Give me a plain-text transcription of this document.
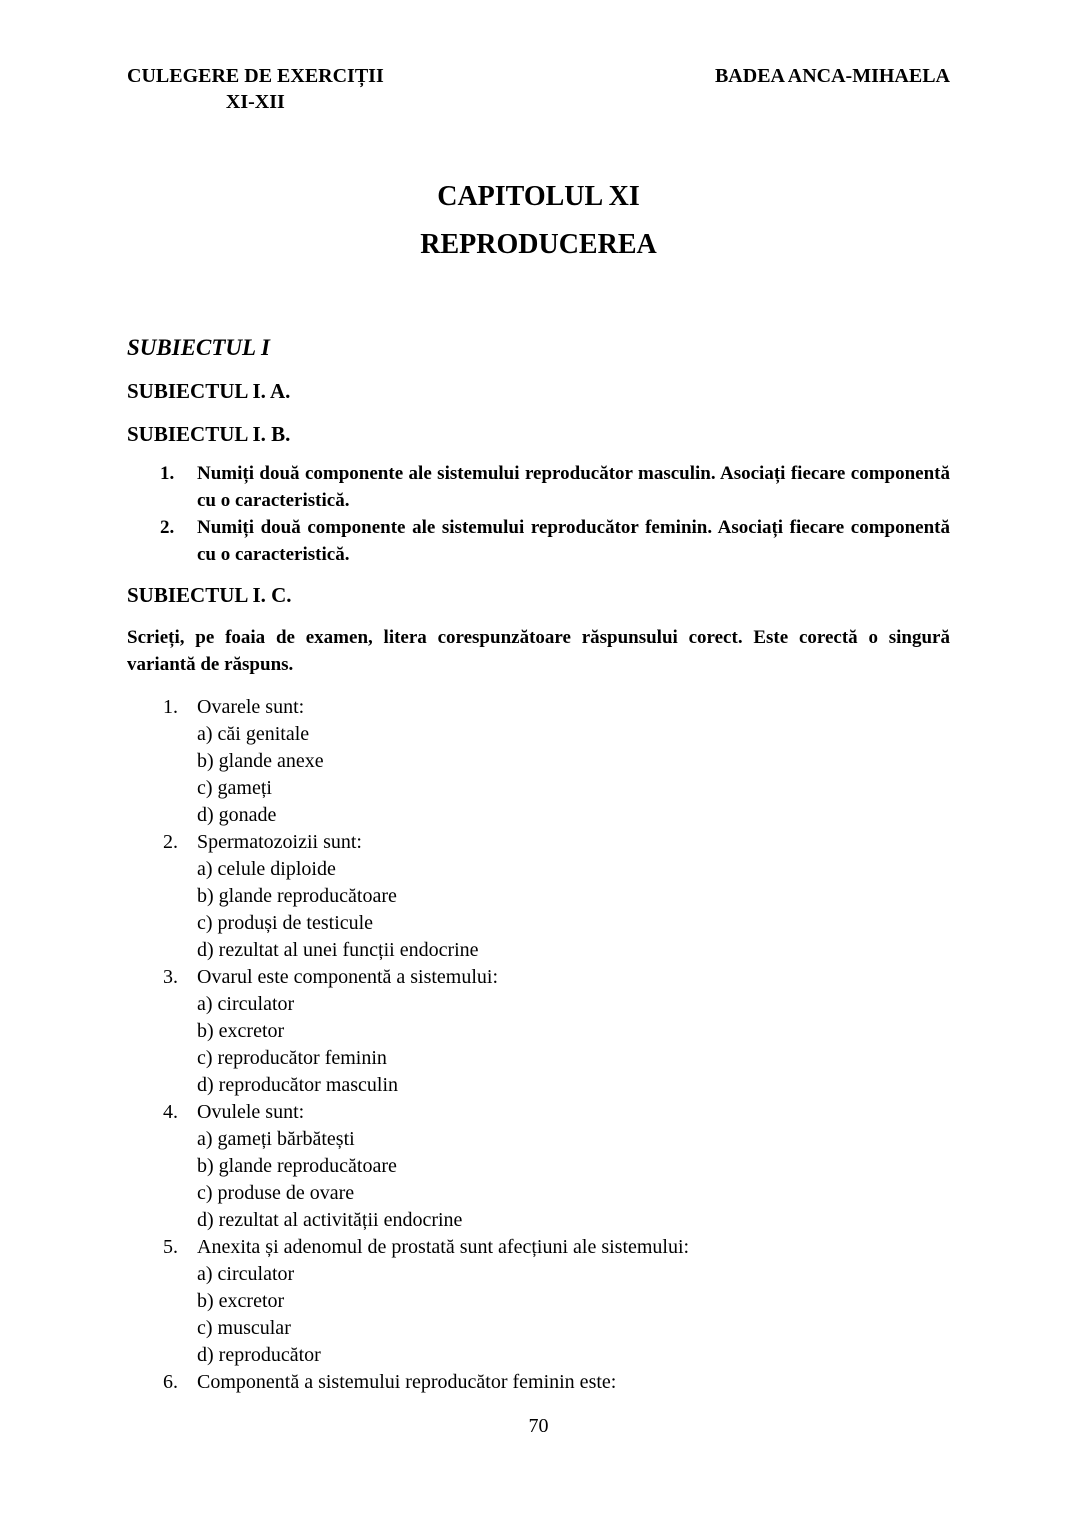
CULEGERE DE EXERCIȚII
XI-XII
BADEA ANCA-MIHAELA
CAPITOLUL XI
REPRODUCEREA
SUBIECTUL I
SUBIECTUL I. A.
SUBIECTUL I. B.
1.	Numiți două componente ale sistemului reproducător masculin. Asociați fiecare componentă cu o caracteristică.
2.	Numiți două componente ale sistemului reproducător feminin. Asociați fiecare componentă cu o caracteristică.
SUBIECTUL I. C.
Scrieți, pe foaia de examen, litera corespunzătoare răspunsului corect. Este corectă o singură variantă de răspuns.
1. Ovarele sunt:
a) căi genitale
b) glande anexe
c) gameți
d) gonade
2. Spermatozoizii sunt:
a) celule diploide
b) glande reproducătoare
c) produși de testicule
d) rezultat al unei funcții endocrine
3. Ovarul este componentă a sistemului:
a) circulator
b) excretor
c) reproducător feminin
d) reproducător masculin
4. Ovulele sunt:
a) gameți bărbătești
b) glande reproducătoare
c) produse de ovare
d) rezultat al activității endocrine
5. Anexita și adenomul de prostată sunt afecțiuni ale sistemului:
a) circulator
b) excretor
c) muscular
d) reproducător
6. Componentă a sistemului reproducător feminin este:
70
